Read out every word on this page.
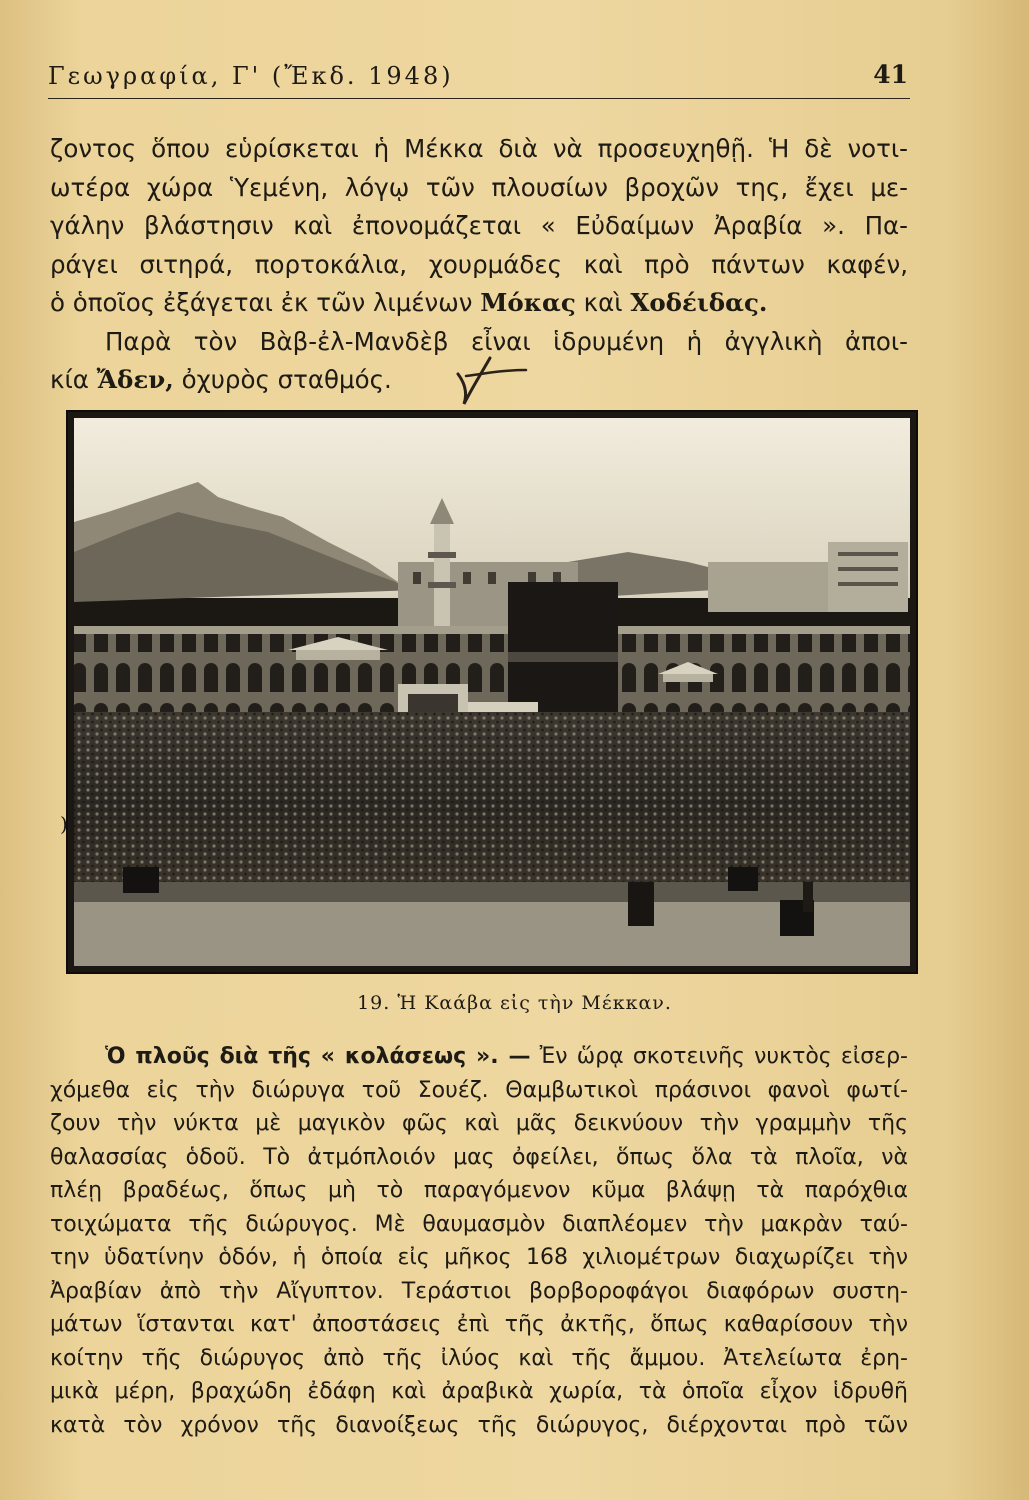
Γεωγραφία, Γ' (Ἔκδ. 1948)	41
ζοντος ὅπου εὑρίσκεται ἡ Μέκκα διὰ νὰ προσευχηθῇ. Ἡ δὲ νοτι-
ωτέρα χώρα Ὑεμένη, λόγῳ τῶν πλουσίων βροχῶν της, ἔχει με-
γάλην βλάστησιν καὶ ἐπονομάζεται « Εὐδαίμων Ἀραβία ». Πα-
ράγει σιτηρά, πορτοκάλια, χουρμάδες καὶ πρὸ πάντων καφέν,
ὁ ὁποῖος ἐξάγεται ἐκ τῶν λιμένων Μόκας καὶ Χοδέιδας.
Παρὰ τὸν Βὰβ-ἐλ-Μανδὲβ εἶναι ἱδρυμένη ἡ ἀγγλικὴ ἀποι-
κία Ἄδεν, ὀχυρὸς σταθμός.
19. Ἡ Καάβα εἰς τὴν Μέκκαν.
)
Ὁ πλοῦς διὰ τῆς « κολάσεως ». — Ἐν ὥρᾳ σκοτεινῆς νυκτὸς εἰσερ-
χόμεθα εἰς τὴν διώρυγα τοῦ Σουέζ. Θαμβωτικοὶ πράσινοι φανοὶ φωτί-
ζουν τὴν νύκτα μὲ μαγικὸν φῶς καὶ μᾶς δεικνύουν τὴν γραμμὴν τῆς
θαλασσίας ὁδοῦ. Τὸ ἀτμόπλοιόν μας ὀφείλει, ὅπως ὅλα τὰ πλοῖα, νὰ
πλέῃ βραδέως, ὅπως μὴ τὸ παραγόμενον κῦμα βλάψῃ τὰ παρόχθια
τοιχώματα τῆς διώρυγος. Μὲ θαυμασμὸν διαπλέομεν τὴν μακρὰν ταύ-
την ὑδατίνην ὁδόν, ἡ ὁποία εἰς μῆκος 168 χιλιομέτρων διαχωρίζει τὴν
Ἀραβίαν ἀπὸ τὴν Αἴγυπτον. Τεράστιοι βορβοροφάγοι διαφόρων συστη-
μάτων ἵστανται κατ' ἀποστάσεις ἐπὶ τῆς ἀκτῆς, ὅπως καθαρίσουν τὴν
κοίτην τῆς διώρυγος ἀπὸ τῆς ἰλύος καὶ τῆς ἄμμου. Ἀτελείωτα ἐρη-
μικὰ μέρη, βραχώδη ἐδάφη καὶ ἀραβικὰ χωρία, τὰ ὁποῖα εἶχον ἱδρυθῆ
κατὰ τὸν χρόνον τῆς διανοίξεως τῆς διώρυγος, διέρχονται πρὸ τῶν
